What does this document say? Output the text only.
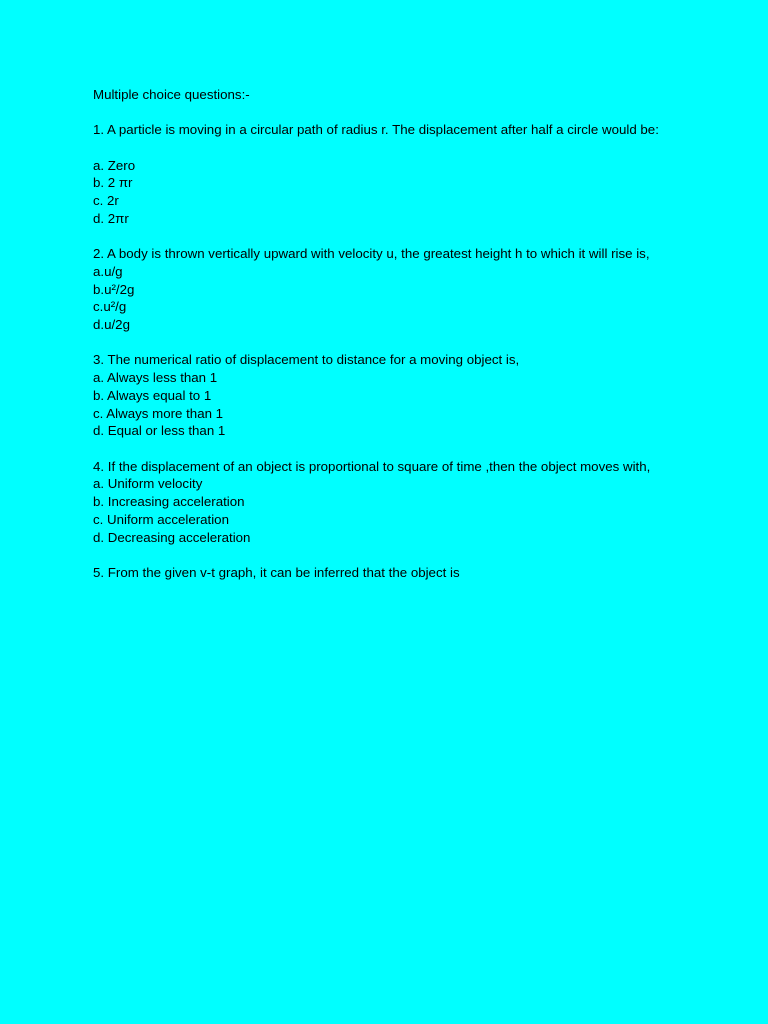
Multiple choice questions:-

1. A particle is moving in a circular path of radius r. The displacement after half a circle would be:

a. Zero

b. 2 πr

c. 2r

d. 2πr

2. A body is thrown vertically upward with velocity u, the greatest height h to which it will rise is,

a.u/g

b.u²/2g

c.u²/g

d.u/2g

3. The numerical ratio of displacement to distance for a moving object is,

a. Always less than 1

b. Always equal to 1

c. Always more than 1

d. Equal or less than 1

4. If the displacement of an object is proportional to square of time ,then the object moves with,

a. Uniform velocity

b. Increasing acceleration

c. Uniform acceleration

d. Decreasing acceleration

5. From the given v-t graph, it can be inferred that the object is
